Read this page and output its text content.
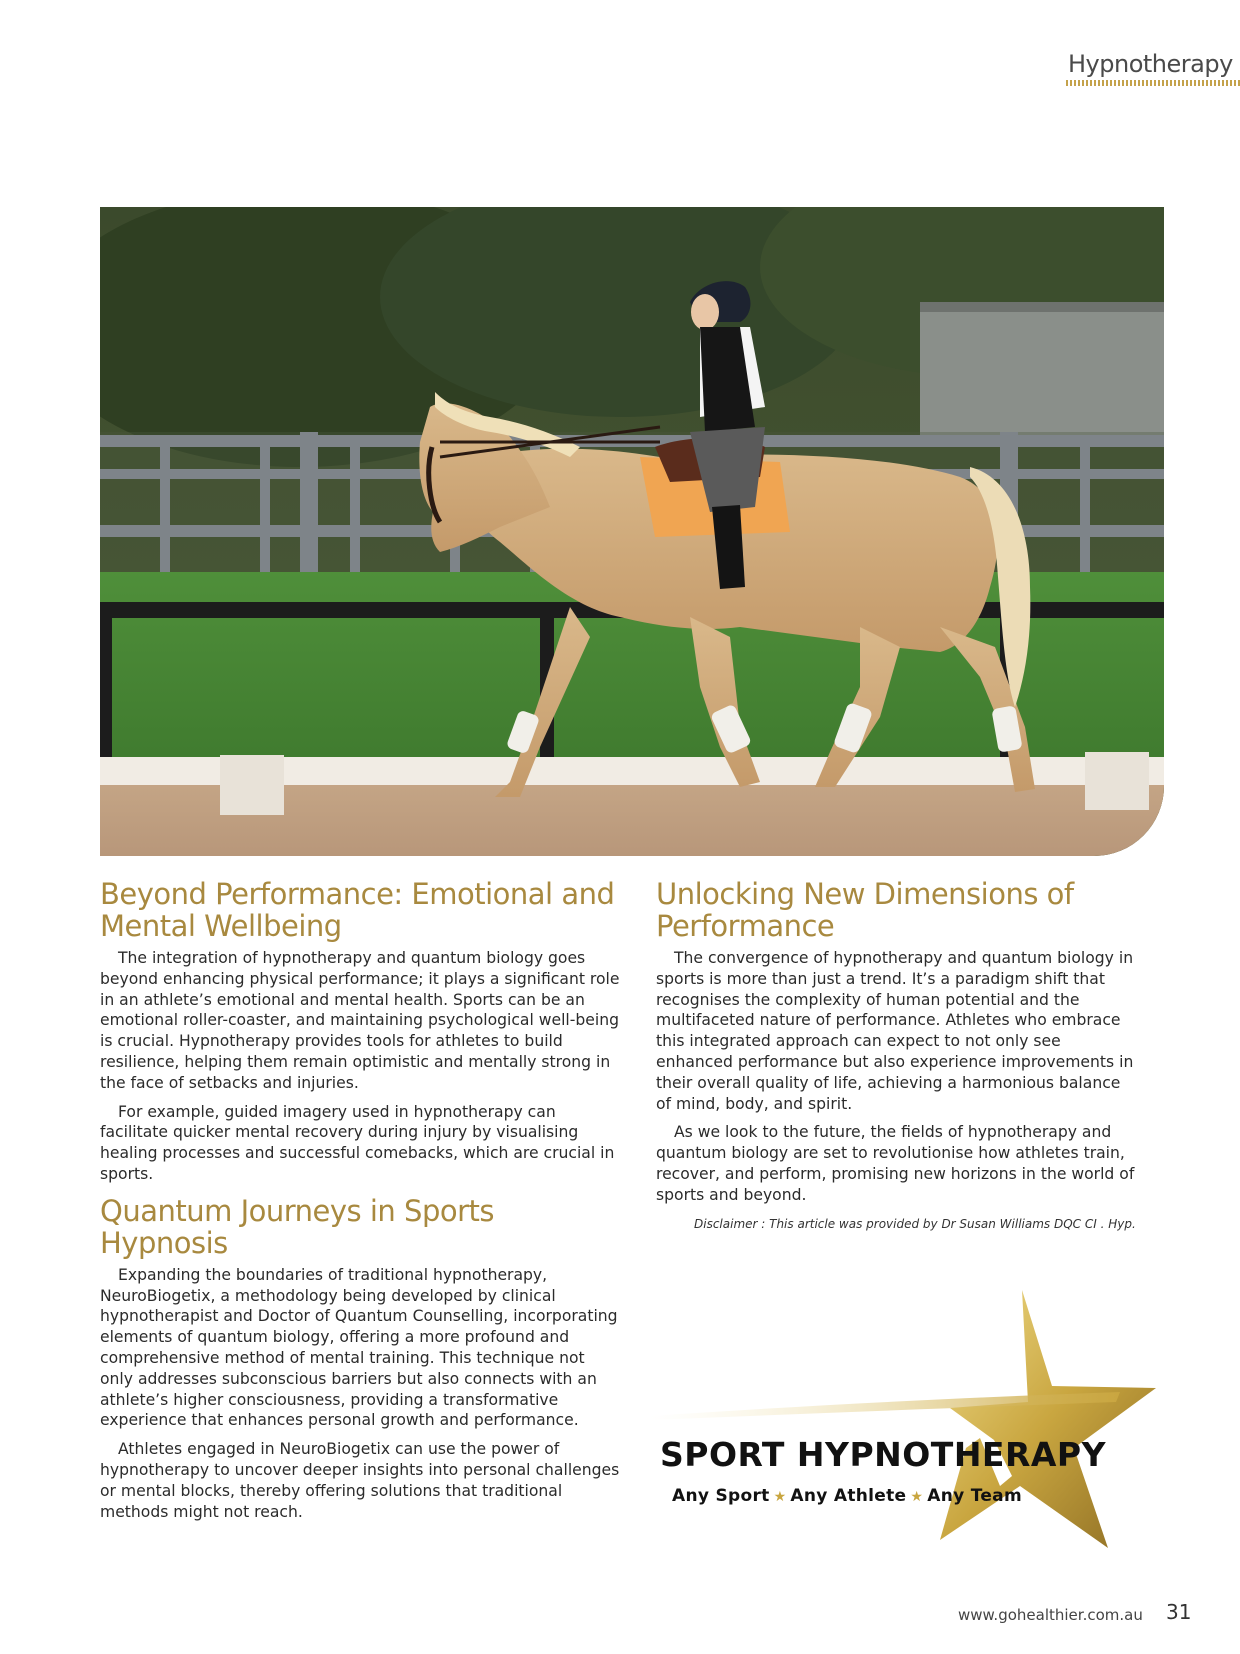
Hypnotherapy
Beyond Performance: Emotional and Mental Wellbeing

The integration of hypnotherapy and quantum biology goes beyond enhancing physical performance; it plays a significant role in an athlete’s emotional and mental health. Sports can be an emotional roller-coaster, and maintaining psychological well-being is crucial. Hypnotherapy provides tools for athletes to build resilience, helping them remain optimistic and mentally strong in the face of setbacks and injuries.

For example, guided imagery used in hypnotherapy can facilitate quicker mental recovery during injury by visualising healing processes and successful comebacks, which are crucial in sports.

Quantum Journeys in Sports Hypnosis

Expanding the boundaries of traditional hypnotherapy, NeuroBiogetix, a methodology being developed by clinical hypnotherapist and Doctor of Quantum Counselling, incorporating elements of quantum biology, offering a more profound and comprehensive method of mental training. This technique not only addresses subconscious barriers but also connects with an athlete’s higher consciousness, providing a transformative experience that enhances personal growth and performance.

Athletes engaged in NeuroBiogetix can use the power of hypnotherapy to uncover deeper insights into personal challenges or mental blocks, thereby offering solutions that traditional methods might not reach.

Unlocking New Dimensions of Performance

The convergence of hypnotherapy and quantum biology in sports is more than just a trend. It’s a paradigm shift that recognises the complexity of human potential and the multifaceted nature of performance. Athletes who embrace this integrated approach can expect to not only see enhanced performance but also experience improvements in their overall quality of life, achieving a harmonious balance of mind, body, and spirit.

As we look to the future, the fields of hypnotherapy and quantum biology are set to revolutionise how athletes train, recover, and perform, promising new horizons in the world of sports and beyond.

Disclaimer : This article was provided by Dr Susan Williams DQC CI . Hyp.

SPORT HYPNOTHERAPY
Any Sport ★ Any Athlete ★ Any Team
www.gohealthier.com.au 31
